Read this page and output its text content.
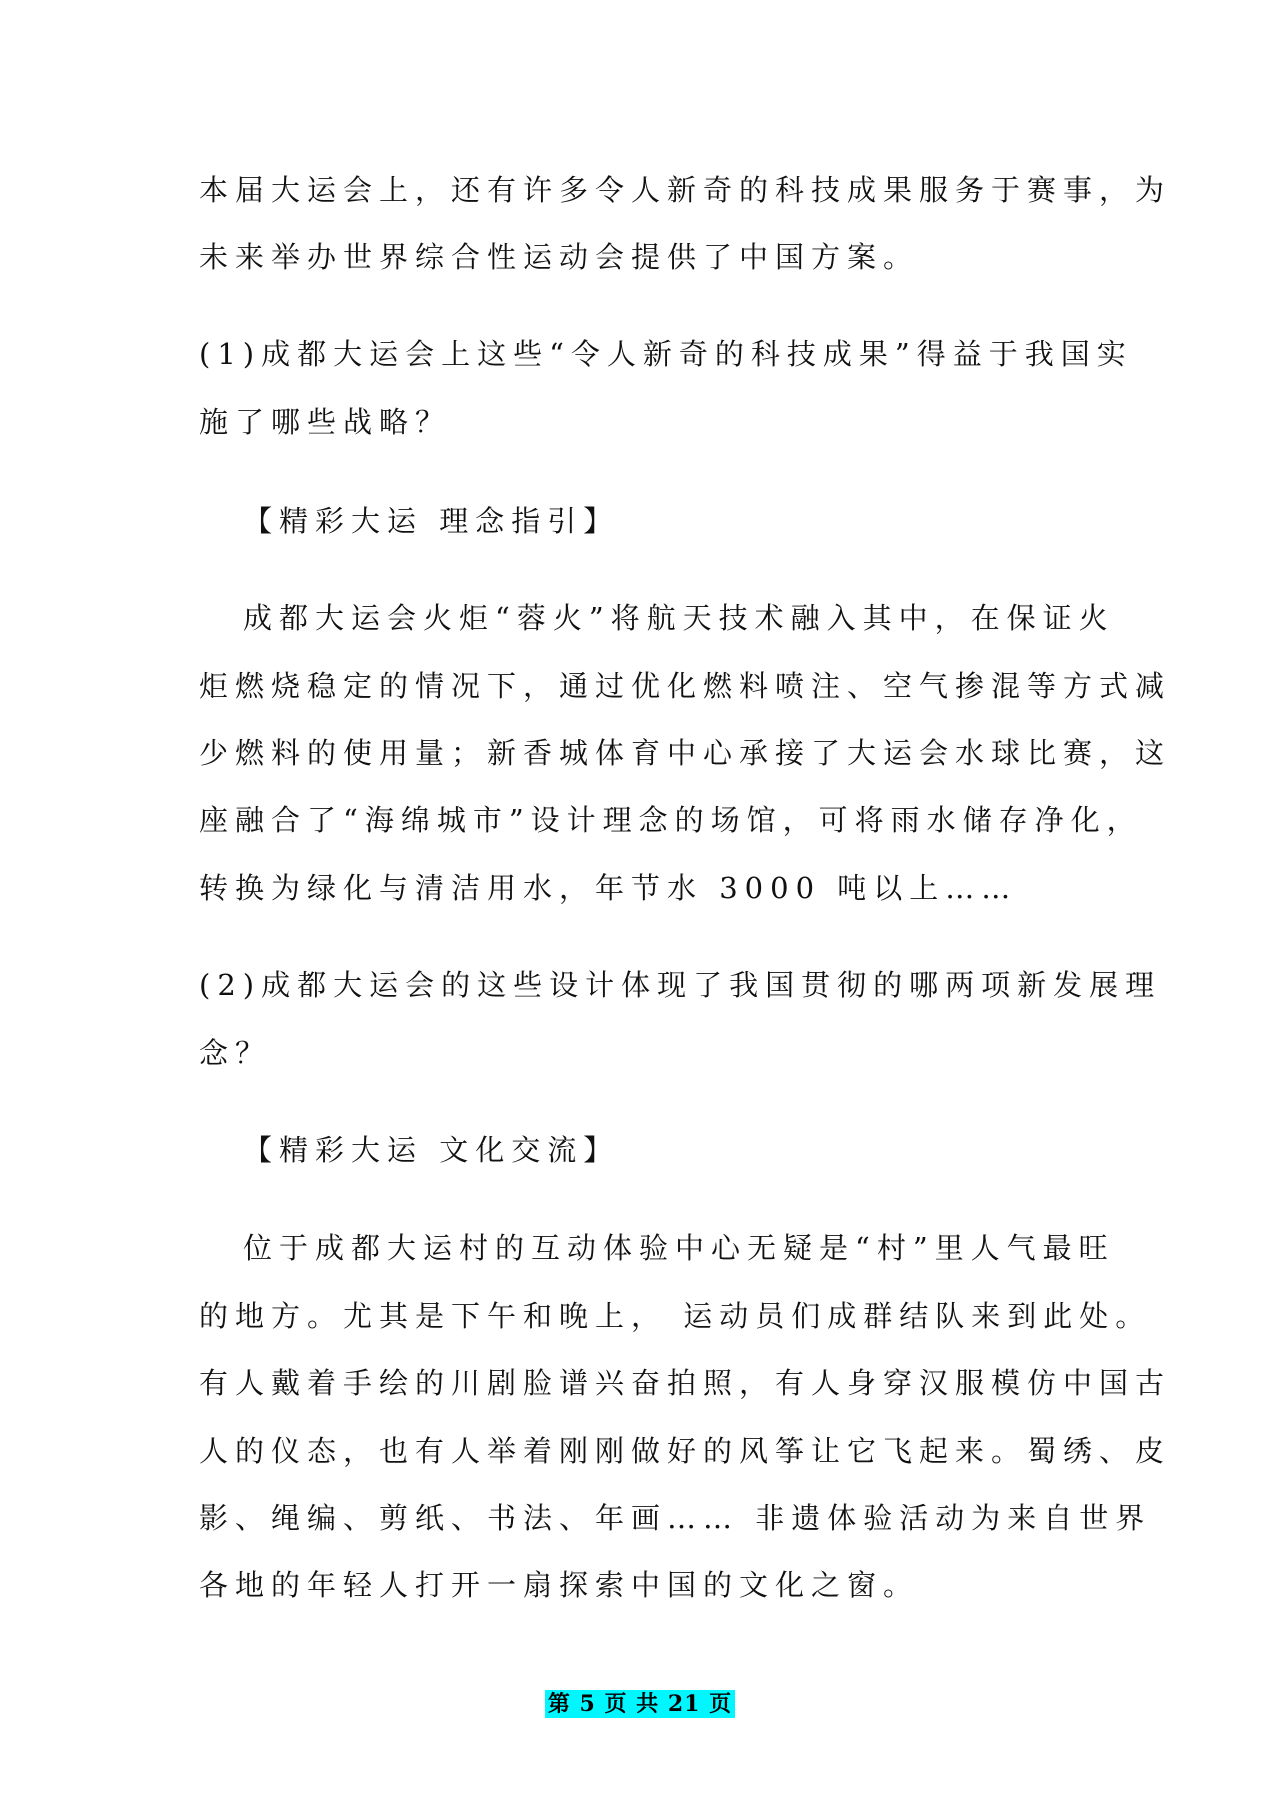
本届大运会上，还有许多令人新奇的科技成果服务于赛事，为
未来举办世界综合性运动会提供了中国方案。
(1)成都大运会上这些“令人新奇的科技成果”得益于我国实
施了哪些战略？
【精彩大运 理念指引】
成都大运会火炬“蓉火”将航天技术融入其中，在保证火
炬燃烧稳定的情况下，通过优化燃料喷注、空气掺混等方式减
少燃料的使用量；新香城体育中心承接了大运会水球比赛，这
座融合了“海绵城市”设计理念的场馆，可将雨水储存净化，
转换为绿化与清洁用水，年节水 3000 吨以上……
(2)成都大运会的这些设计体现了我国贯彻的哪两项新发展理
念？
【精彩大运 文化交流】
位于成都大运村的互动体验中心无疑是“村”里人气最旺
的地方。尤其是下午和晚上， 运动员们成群结队来到此处。
有人戴着手绘的川剧脸谱兴奋拍照，有人身穿汉服模仿中国古
人的仪态，也有人举着刚刚做好的风筝让它飞起来。蜀绣、皮
影、绳编、剪纸、书法、年画…… 非遗体验活动为来自世界
各地的年轻人打开一扇探索中国的文化之窗。
第 5 页 共 21 页
